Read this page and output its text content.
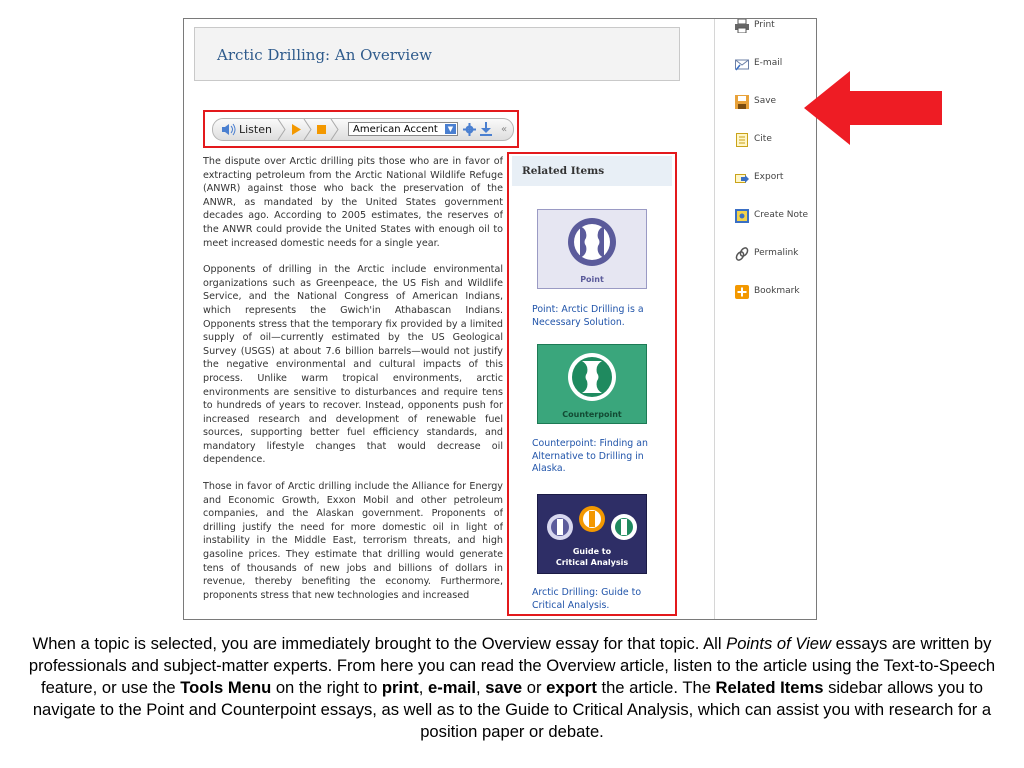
Arctic Drilling: An Overview
Listen	American Accent	▼	«

The dispute over Arctic drilling pits those who are in favor of extracting petroleum from the Arctic National Wildlife Refuge (ANWR) against those who back the preservation of the ANWR, as mandated by the United States government decades ago. According to 2005 estimates, the reserves of the ANWR could provide the United States with enough oil to meet increased domestic needs for a single year.

Opponents of drilling in the Arctic include environmental organizations such as Greenpeace, the US Fish and Wildlife Service, and the National Congress of American Indians, which represents the Gwich'in Athabascan Indians. Opponents stress that the temporary fix provided by a limited supply of oil—currently estimated by the US Geological Survey (USGS) at about 7.6 billion barrels—would not justify the negative environmental and cultural impacts of this process. Unlike warm tropical environments, arctic environments are sensitive to disturbances and require tens to hundreds of years to recover. Instead, opponents push for increased research and development of renewable fuel sources, supporting better fuel efficiency standards, and mandatory lifestyle changes that would decrease oil dependence.

Those in favor of Arctic drilling include the Alliance for Energy and Economic Growth, Exxon Mobil and other petroleum companies, and the Alaskan government. Proponents of drilling justify the need for more domestic oil in light of instability in the Middle East, terrorism threats, and high gasoline prices. They estimate that drilling would generate tens of thousands of new jobs and billions of dollars in revenue, thereby benefiting the economy. Furthermore, proponents stress that new technologies and increased

Related Items
Point
Point: Arctic Drilling is a Necessary Solution.
Counterpoint
Counterpoint: Finding an Alternative to Drilling in Alaska.
Guide to
Critical Analysis
Arctic Drilling: Guide to Critical Analysis.
Print
E-mail
Save
Cite
Export
Create Note
Permalink
Bookmark
When a topic is selected, you are immediately brought to the Overview essay for that topic. All Points of View essays are written by professionals and subject-matter experts. From here you can read the Overview article, listen to the article using the Text-to-Speech feature, or use the Tools Menu on the right to print, e-mail, save or export the article. The Related Items sidebar allows you to navigate to the Point and Counterpoint essays, as well as to the Guide to Critical Analysis, which can assist you with research for a position paper or debate.
